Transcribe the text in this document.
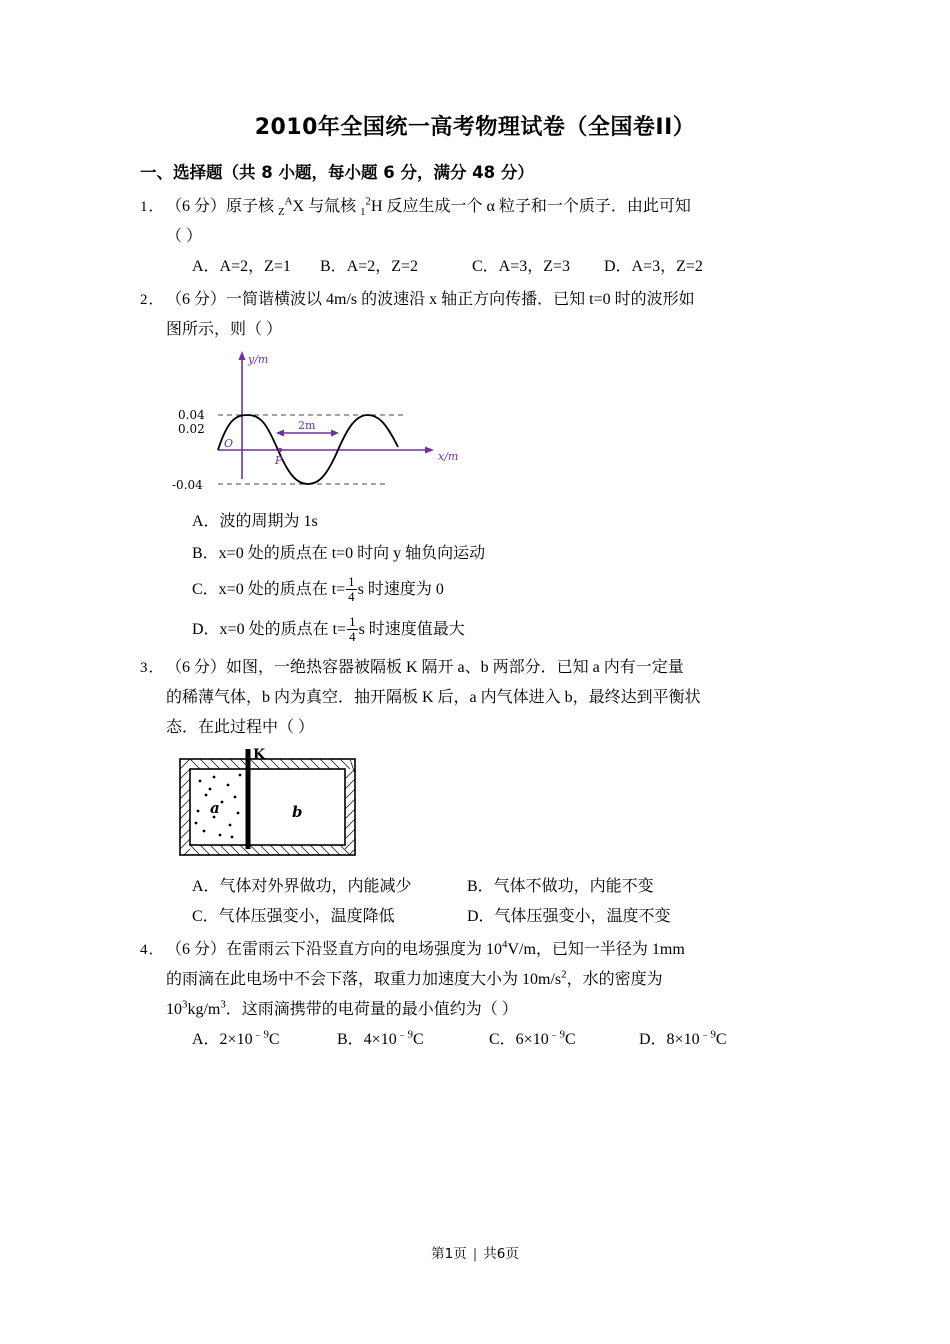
2010年全国统一高考物理试卷（全国卷II）
一、选择题（共 8 小题，每小题 6 分，满分 48 分）
1． （6 分）原子核 $_Z^A$X 与氚核 $_1^2$H 反应生成一个 α 粒子和一个质子．由此可知
（ ）
A．A=2，Z=1	B．A=2，Z=2	C．A=3，Z=3	D．A=3，Z=2
2． （6 分）一简谐横波以 4m/s 的波速沿 x 轴正方向传播．已知 t=0 时的波形如
图所示，则（ ）
y/m
x/m
O
P
2m
0.04
0.02
-0.04
A．波的周期为 1s
B．x=0 处的质点在 t=0 时向 y 轴负向运动
C．x=0 处的质点在 $t= \frac{1}{4}$ s 时速度为 0
D．x=0 处的质点在 $t= \frac{1}{4}$ s 时速度值最大
3． （6 分）如图，一绝热容器被隔板 K 隔开 a、b 两部分．已知 a 内有一定量
的稀薄气体，b 内为真空．抽开隔板 K 后，a 内气体进入 b，最终达到平衡状
态．在此过程中（ ）
K
a	b
A．气体对外界做功，内能减少	B．气体不做功，内能不变
C．气体压强变小，温度降低	D．气体压强变小，温度不变
4． （6 分）在雷雨云下沿竖直方向的电场强度为 $10^4V/m$，已知一半径为 1mm
的雨滴在此电场中不会下落，取重力加速度大小为 $10m/s^2$，水的密度为
$10^3kg/m^3$．这雨滴携带的电荷量的最小值约为（ ）
A．$2\times 10^{﹣9}C$	B．$4\times 10^{﹣9}C$	C．$6\times 10^{﹣9}C$	D．$8\times 10^{﹣9}C$
第1页 | 共6页
